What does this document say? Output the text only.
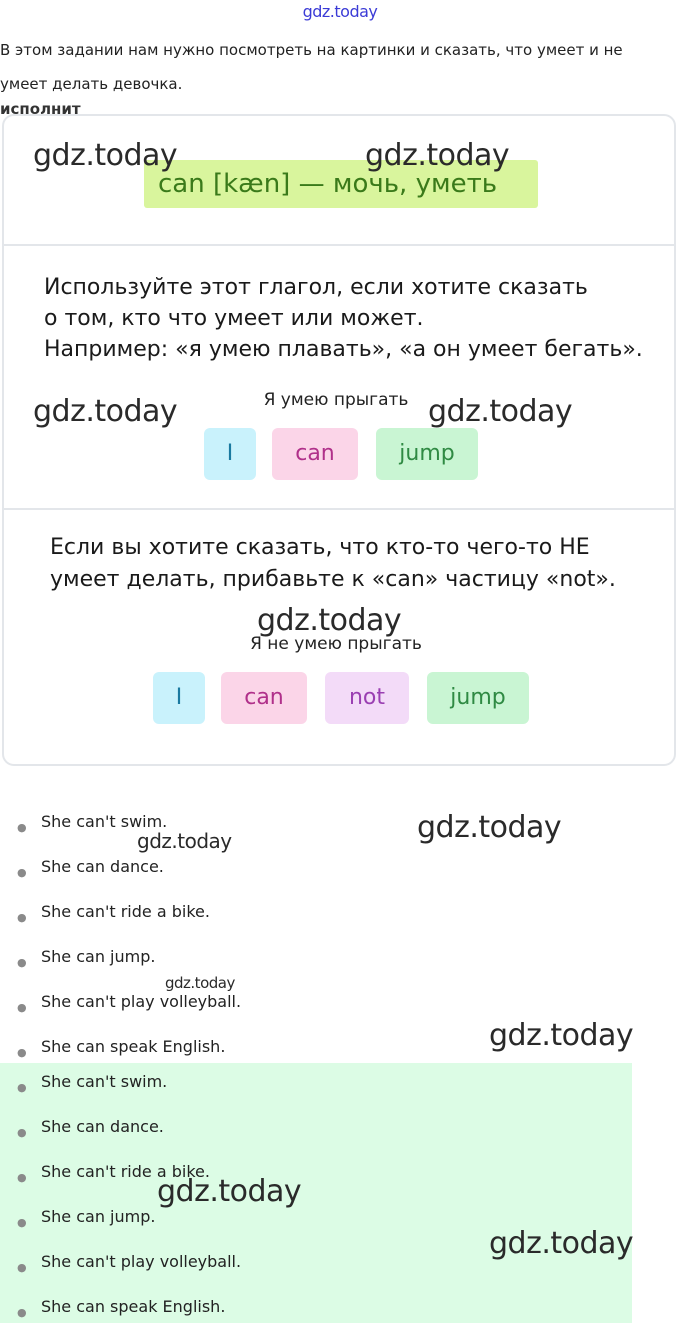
gdz.today
В этом задании нам нужно посмотреть на картинки и сказать, что умеет и не умеет делать девочка.
исполнит
can [kæn] — мочь, уметь
Используйте этот глагол, если хотите сказать
о том, кто что умеет или может.
Например: «я умею плавать», «а он умеет бегать».
Я умею прыгать
I	can	jump
Если вы хотите сказать, что кто-то чего-то НЕ
умеет делать, прибавьте к «can» частицу «not».
Я не умею прыгать
I	can	not	jump
● She can't swim.
● She can dance.
● She can't ride a bike.
● She can jump.
● She can't play volleyball.
● She can speak English.
● She can't swim.
● She can dance.
● She can't ride a bike.
● She can jump.
● She can't play volleyball.
● She can speak English.
gdz.today	gdz.today
gdz.today	gdz.today
gdz.today
gdz.today
gdz.today
gdz.today
gdz.today
gdz.today
gdz.today
